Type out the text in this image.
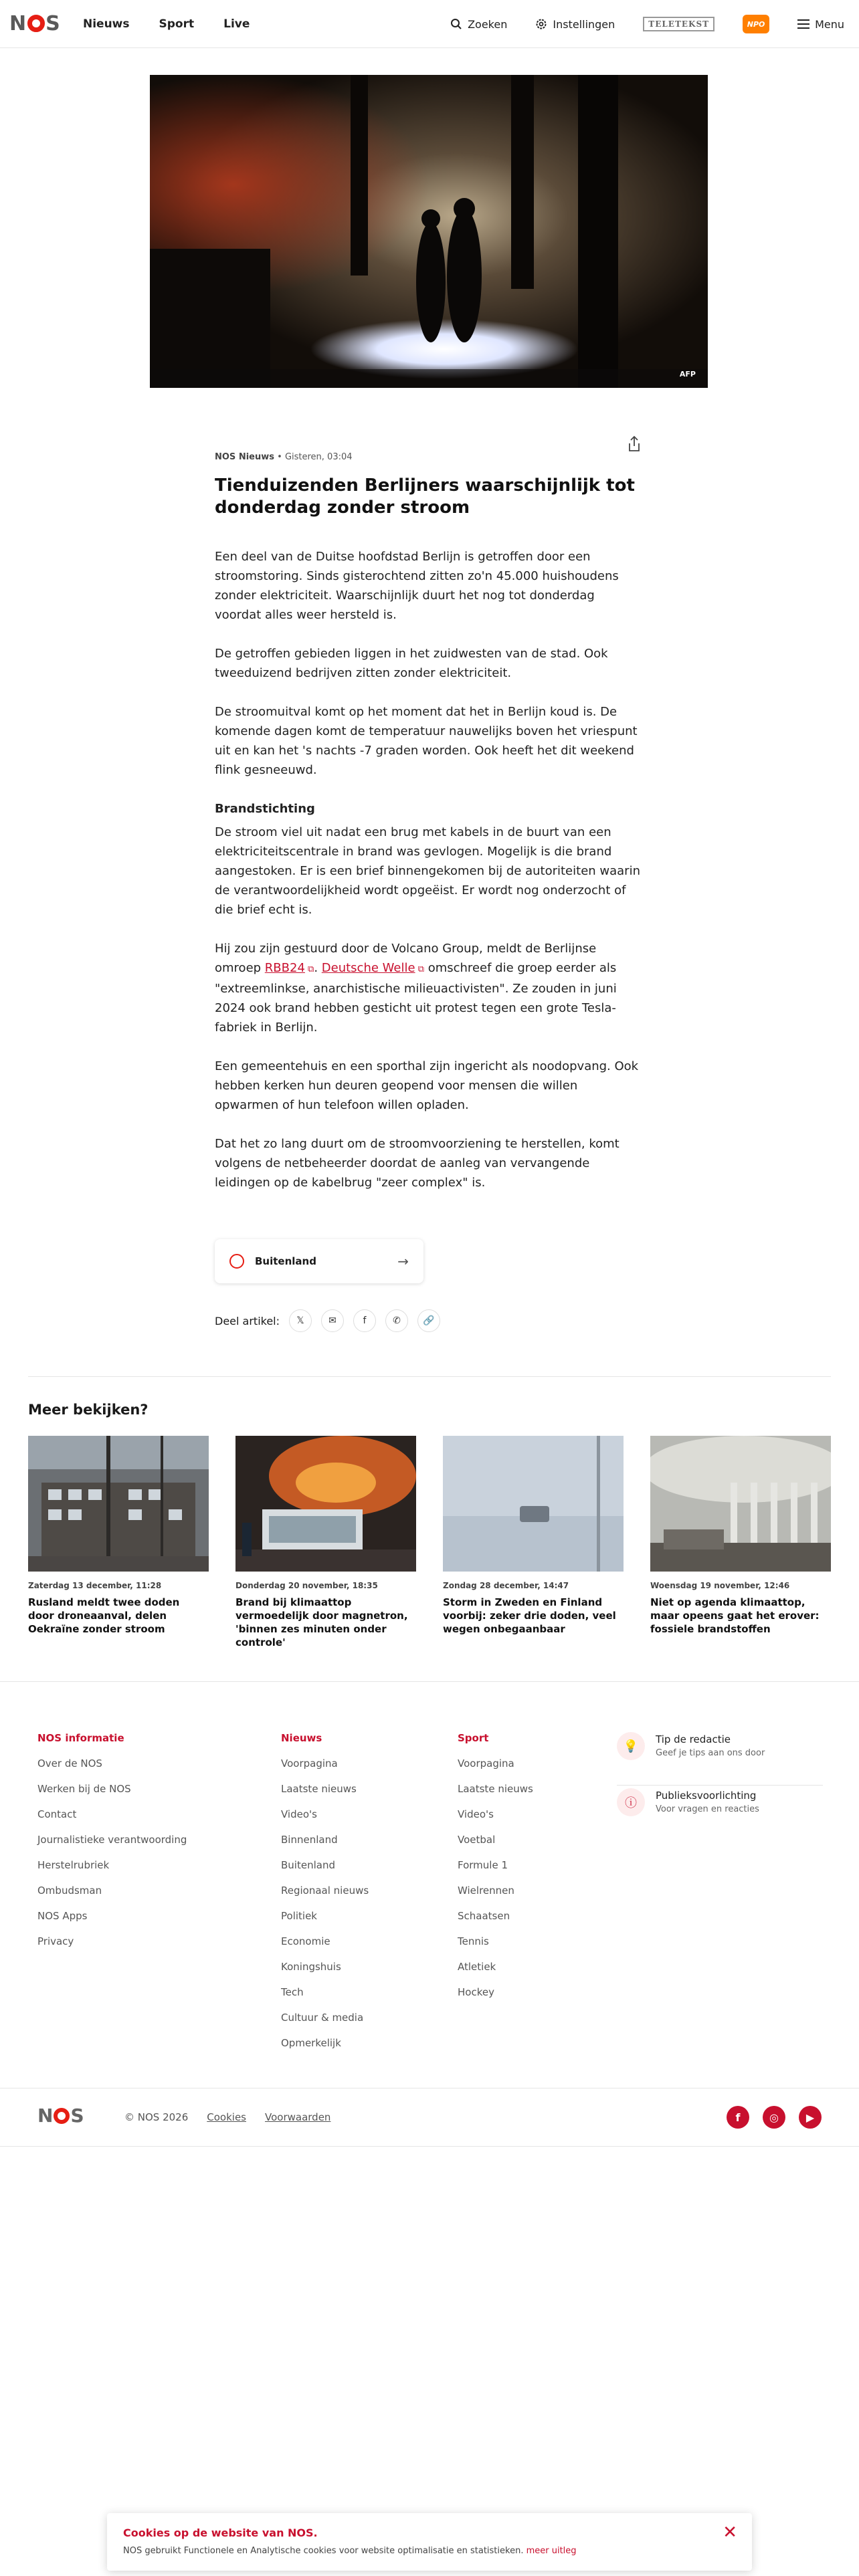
N S Nieuws	Sport	Live	Zoeken	Instellingen	TELETEKST	NPO	Menu
AFP
NOS Nieuws • Gisteren, 03:04
Tienduizenden Berlijners waarschijnlijk tot donderdag zonder stroom

Een deel van de Duitse hoofdstad Berlijn is getroffen door een stroomstoring. Sinds gisterochtend zitten zo'n 45.000 huishoudens zonder elektriciteit. Waarschijnlijk duurt het nog tot donderdag voordat alles weer hersteld is.

De getroffen gebieden liggen in het zuidwesten van de stad. Ook tweeduizend bedrijven zitten zonder elektriciteit.

De stroomuitval komt op het moment dat het in Berlijn koud is. De komende dagen komt de temperatuur nauwelijks boven het vriespunt uit en kan het 's nachts -7 graden worden. Ook heeft het dit weekend flink gesneeuwd.

Brandstichting

De stroom viel uit nadat een brug met kabels in de buurt van een elektriciteitscentrale in brand was gevlogen. Mogelijk is die brand aangestoken. Er is een brief binnengekomen bij de autoriteiten waarin de verantwoordelijkheid wordt opgeëist. Er wordt nog onderzocht of die brief echt is.

Hij zou zijn gestuurd door de Volcano Group, meldt de Berlijnse omroep RBB24 ⧉. Deutsche Welle ⧉ omschreef die groep eerder als "extreemlinkse, anarchistische milieuactivisten". Ze zouden in juni 2024 ook brand hebben gesticht uit protest tegen een grote Tesla-fabriek in Berlijn.

Een gemeentehuis en een sporthal zijn ingericht als noodopvang. Ook hebben kerken hun deuren geopend voor mensen die willen opwarmen of hun telefoon willen opladen.

Dat het zo lang duurt om de stroomvoorziening te herstellen, komt volgens de netbeheerder doordat de aanleg van vervangende leidingen op de kabelbrug "zeer complex" is.

Buitenland	→
Deel artikel:	𝕏	✉	f	✆	🔗
Meer bekijken?
Zaterdag 13 december, 11:28
Rusland meldt twee doden door droneaanval, delen Oekraïne zonder stroom
Donderdag 20 november, 18:35
Brand bij klimaattop vermoedelijk door magnetron, 'binnen zes minuten onder controle'
Zondag 28 december, 14:47
Storm in Zweden en Finland voorbij: zeker drie doden, veel wegen onbegaanbaar
Woensdag 19 november, 12:46
Niet op agenda klimaattop, maar opeens gaat het erover: fossiele brandstoffen
NOS informatie
Over de NOS
Werken bij de NOS
Contact
Journalistieke verantwoording
Herstelrubriek
Ombudsman
NOS Apps
Privacy
Nieuws
Voorpagina
Laatste nieuws
Video's
Binnenland
Buitenland
Regionaal nieuws
Politiek
Economie
Koningshuis
Tech
Cultuur & media
Opmerkelijk
Sport
Voorpagina
Laatste nieuws
Video's
Voetbal
Formule 1
Wielrennen
Schaatsen
Tennis
Atletiek
Hockey
💡	Tip de redactie
Geef je tips aan ons door
ⓘ
Publieksvoorlichting
Voor vragen en reacties
N S	© NOS 2026 Cookies Voorwaarden	f	◎	▶
Cookies op de website van NOS.
NOS gebruikt Functionele en Analytische cookies voor website optimalisatie en statistieken. meer uitleg
✕
